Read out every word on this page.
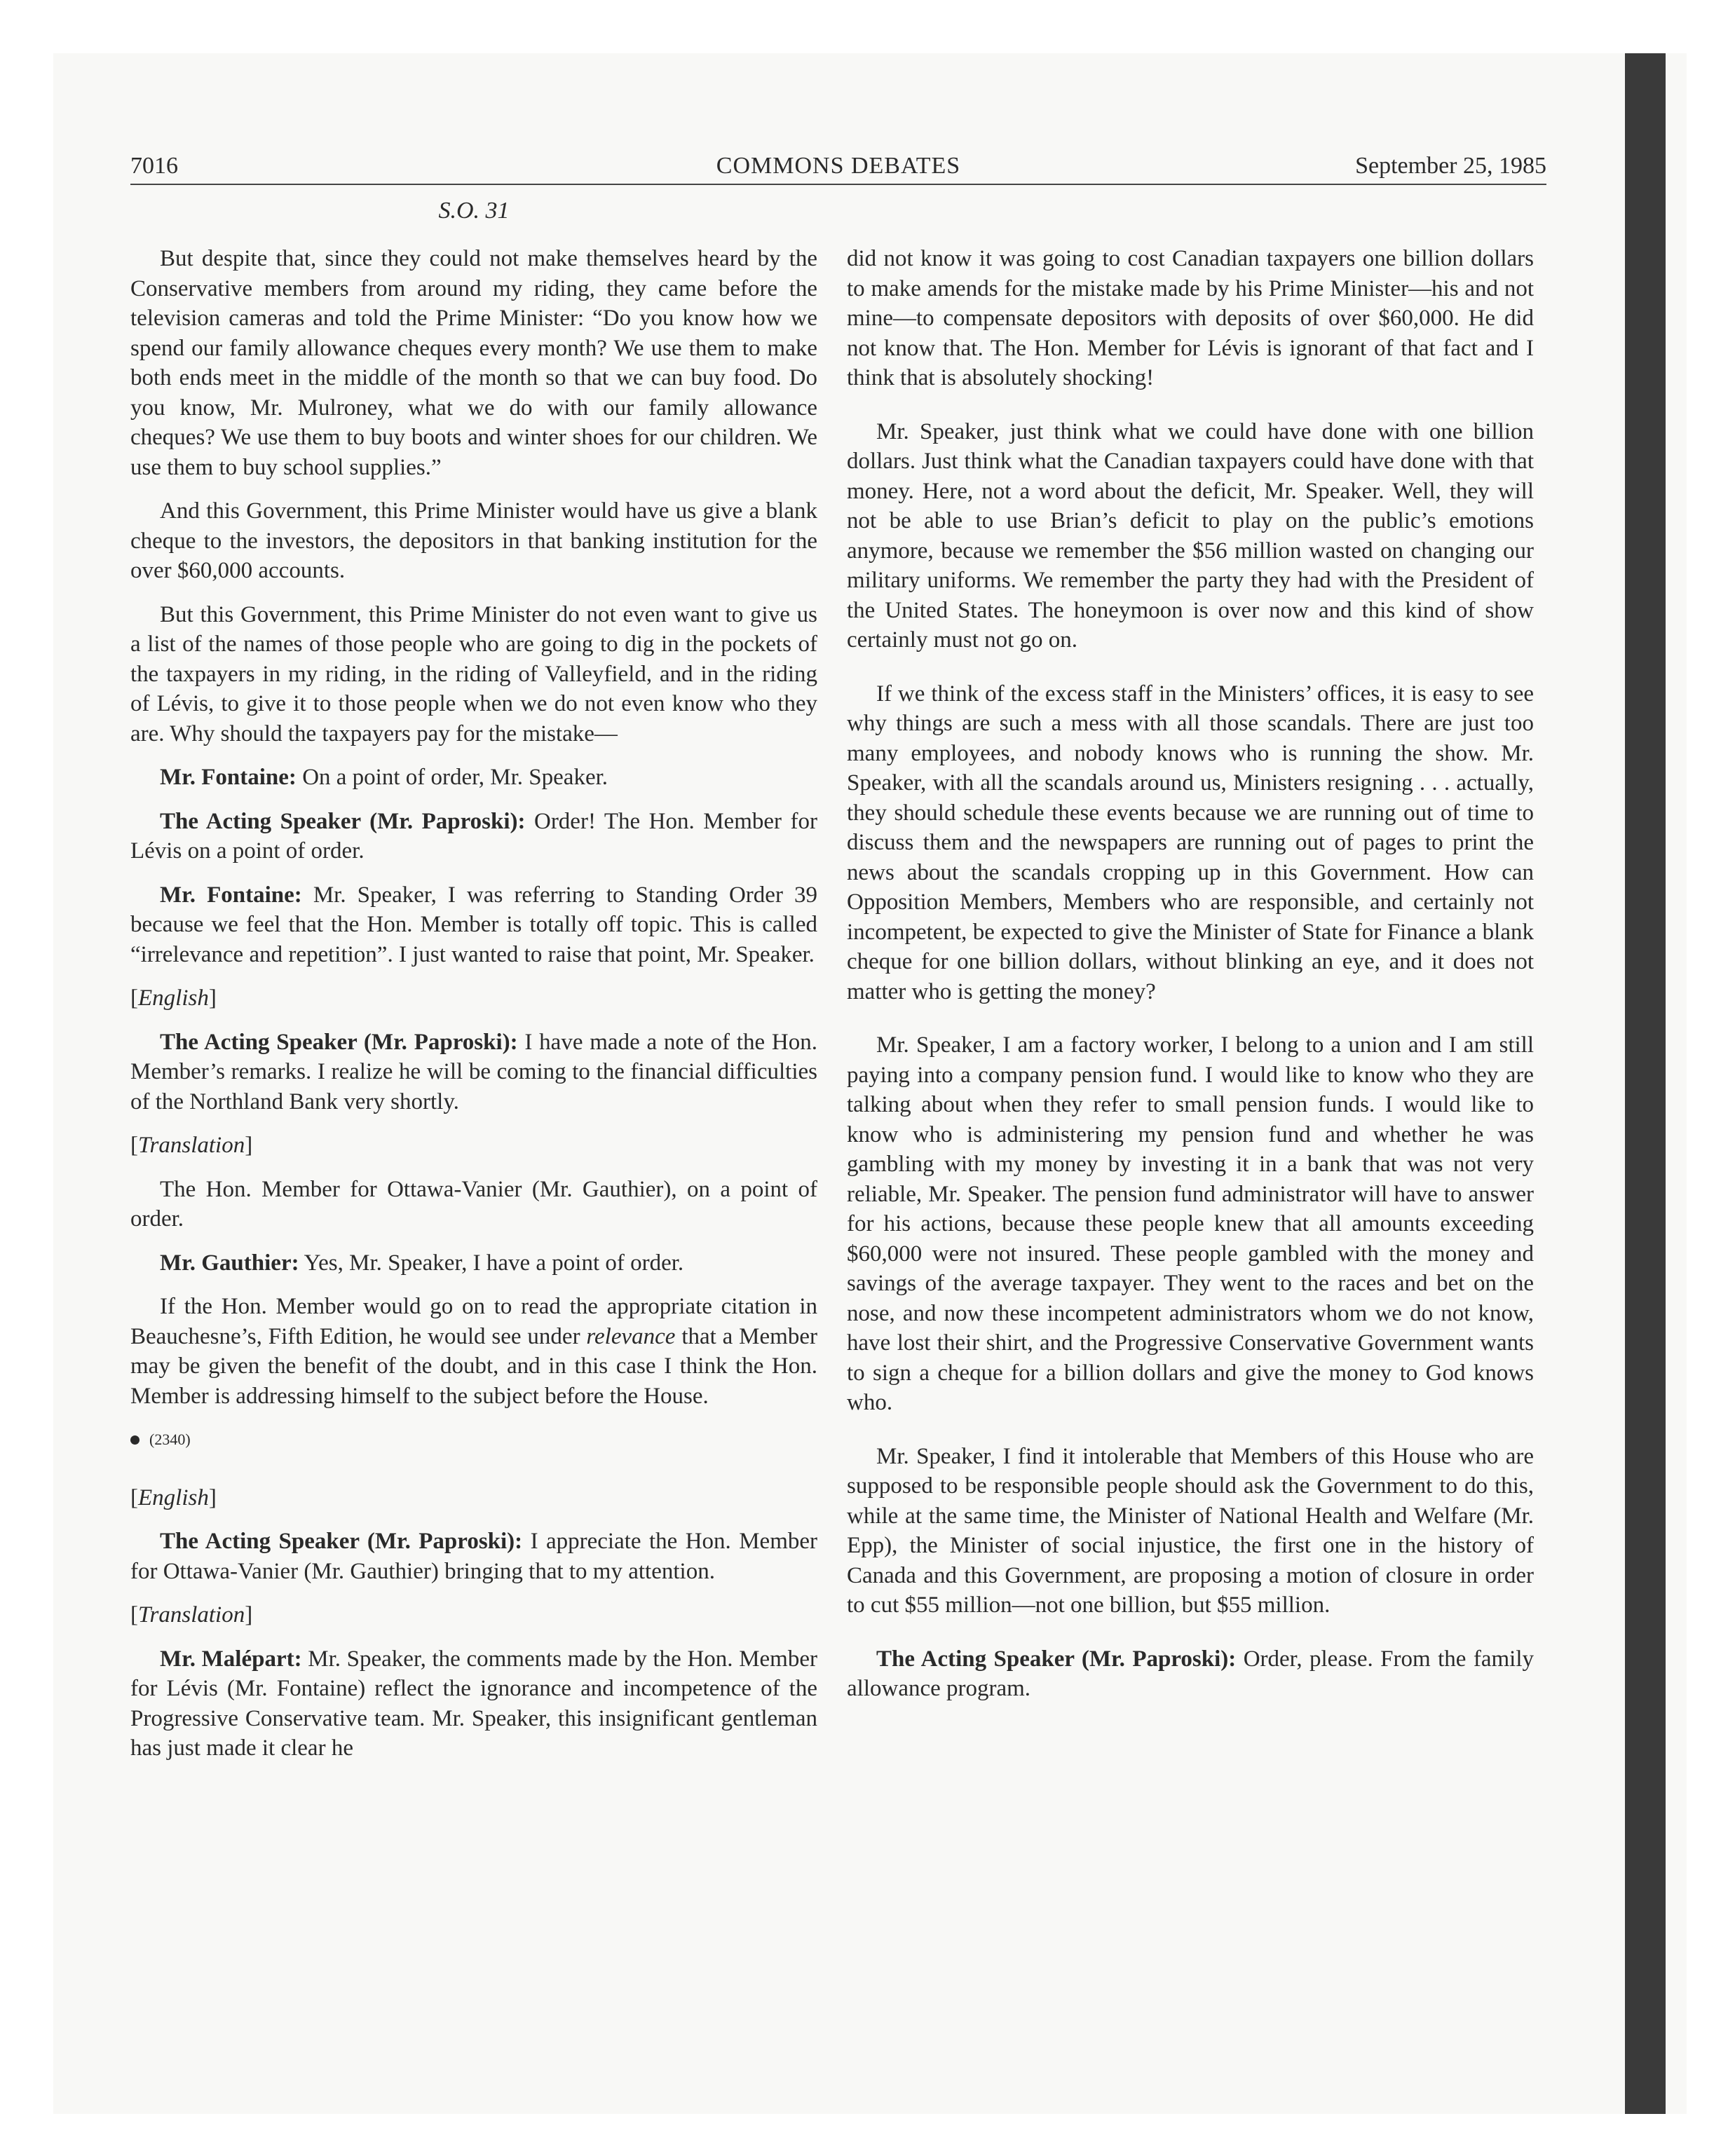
7016	COMMONS DEBATES	September 25, 1985
S.O. 31

But despite that, since they could not make themselves heard by the Conservative members from around my riding, they came before the television cameras and told the Prime Minister: “Do you know how we spend our family allowance cheques every month? We use them to make both ends meet in the middle of the month so that we can buy food. Do you know, Mr. Mulroney, what we do with our family allowance cheques? We use them to buy boots and winter shoes for our children. We use them to buy school supplies.”

And this Government, this Prime Minister would have us give a blank cheque to the investors, the depositors in that banking institution for the over $60,000 accounts.

But this Government, this Prime Minister do not even want to give us a list of the names of those people who are going to dig in the pockets of the taxpayers in my riding, in the riding of Valleyfield, and in the riding of Lévis, to give it to those people when we do not even know who they are. Why should the taxpayers pay for the mistake—

Mr. Fontaine: On a point of order, Mr. Speaker.

The Acting Speaker (Mr. Paproski): Order! The Hon. Member for Lévis on a point of order.

Mr. Fontaine: Mr. Speaker, I was referring to Standing Order 39 because we feel that the Hon. Member is totally off topic. This is called “irrelevance and repetition”. I just wanted to raise that point, Mr. Speaker.

[English]

The Acting Speaker (Mr. Paproski): I have made a note of the Hon. Member’s remarks. I realize he will be coming to the financial difficulties of the Northland Bank very shortly.

[Translation]

The Hon. Member for Ottawa-Vanier (Mr. Gauthier), on a point of order.

Mr. Gauthier: Yes, Mr. Speaker, I have a point of order.

If the Hon. Member would go on to read the appropriate citation in Beauchesne’s, Fifth Edition, he would see under relevance that a Member may be given the benefit of the doubt, and in this case I think the Hon. Member is addressing himself to the subject before the House.

(2340)

[English]

The Acting Speaker (Mr. Paproski): I appreciate the Hon. Member for Ottawa-Vanier (Mr. Gauthier) bringing that to my attention.

[Translation]

Mr. Malépart: Mr. Speaker, the comments made by the Hon. Member for Lévis (Mr. Fontaine) reflect the ignorance and incompetence of the Progressive Conservative team. Mr. Speaker, this insignificant gentleman has just made it clear he

did not know it was going to cost Canadian taxpayers one billion dollars to make amends for the mistake made by his Prime Minister—his and not mine—to compensate depositors with deposits of over $60,000. He did not know that. The Hon. Member for Lévis is ignorant of that fact and I think that is absolutely shocking!

Mr. Speaker, just think what we could have done with one billion dollars. Just think what the Canadian taxpayers could have done with that money. Here, not a word about the deficit, Mr. Speaker. Well, they will not be able to use Brian’s deficit to play on the public’s emotions anymore, because we remember the $56 million wasted on changing our military uniforms. We remember the party they had with the President of the United States. The honeymoon is over now and this kind of show certainly must not go on.

If we think of the excess staff in the Ministers’ offices, it is easy to see why things are such a mess with all those scandals. There are just too many employees, and nobody knows who is running the show. Mr. Speaker, with all the scandals around us, Ministers resigning . . . actually, they should schedule these events because we are running out of time to discuss them and the newspapers are running out of pages to print the news about the scandals cropping up in this Government. How can Opposition Members, Members who are responsible, and certainly not incompetent, be expected to give the Minister of State for Finance a blank cheque for one billion dollars, without blinking an eye, and it does not matter who is getting the money?

Mr. Speaker, I am a factory worker, I belong to a union and I am still paying into a company pension fund. I would like to know who they are talking about when they refer to small pension funds. I would like to know who is administering my pension fund and whether he was gambling with my money by investing it in a bank that was not very reliable, Mr. Speaker. The pension fund administrator will have to answer for his actions, because these people knew that all amounts exceeding $60,000 were not insured. These people gambled with the money and savings of the average taxpayer. They went to the races and bet on the nose, and now these incompetent administrators whom we do not know, have lost their shirt, and the Progressive Conservative Government wants to sign a cheque for a billion dollars and give the money to God knows who.

Mr. Speaker, I find it intolerable that Members of this House who are supposed to be responsible people should ask the Government to do this, while at the same time, the Minister of National Health and Welfare (Mr. Epp), the Minister of social injustice, the first one in the history of Canada and this Government, are proposing a motion of closure in order to cut $55 million—not one billion, but $55 million.

The Acting Speaker (Mr. Paproski): Order, please. From the family allowance program.
